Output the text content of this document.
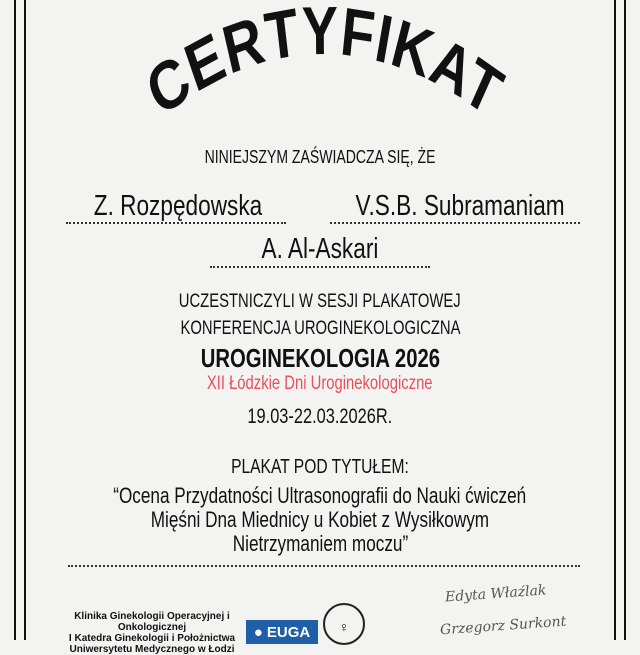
CERTYFIKAT
NINIEJSZYM ZAŚWIADCZA SIĘ, ŻE
Z. Rozpędowska	V.S.B. Subramaniam
A. Al-Askari
UCZESTNICZYLI W SESJI PLAKATOWEJ
KONFERENCJA UROGINEKOLOGICZNA
UROGINEKOLOGIA 2026
XII Łódzkie Dni Uroginekologiczne
19.03-22.03.2026R.
PLAKAT POD TYTUŁEM:
“Ocena Przydatności Ultrasonografii do Nauki ćwiczeń
Mięśni Dna Miednicy u Kobiet z Wysiłkowym
Nietrzymaniem moczu”
Klinika Ginekologii Operacyjnej i Onkologicznej
I Katedra Ginekologii i Położnictwa
Uniwersytetu Medycznego w Łodzi
● EUGA	♀
Edyta Właźlak
Grzegorz Surkont
